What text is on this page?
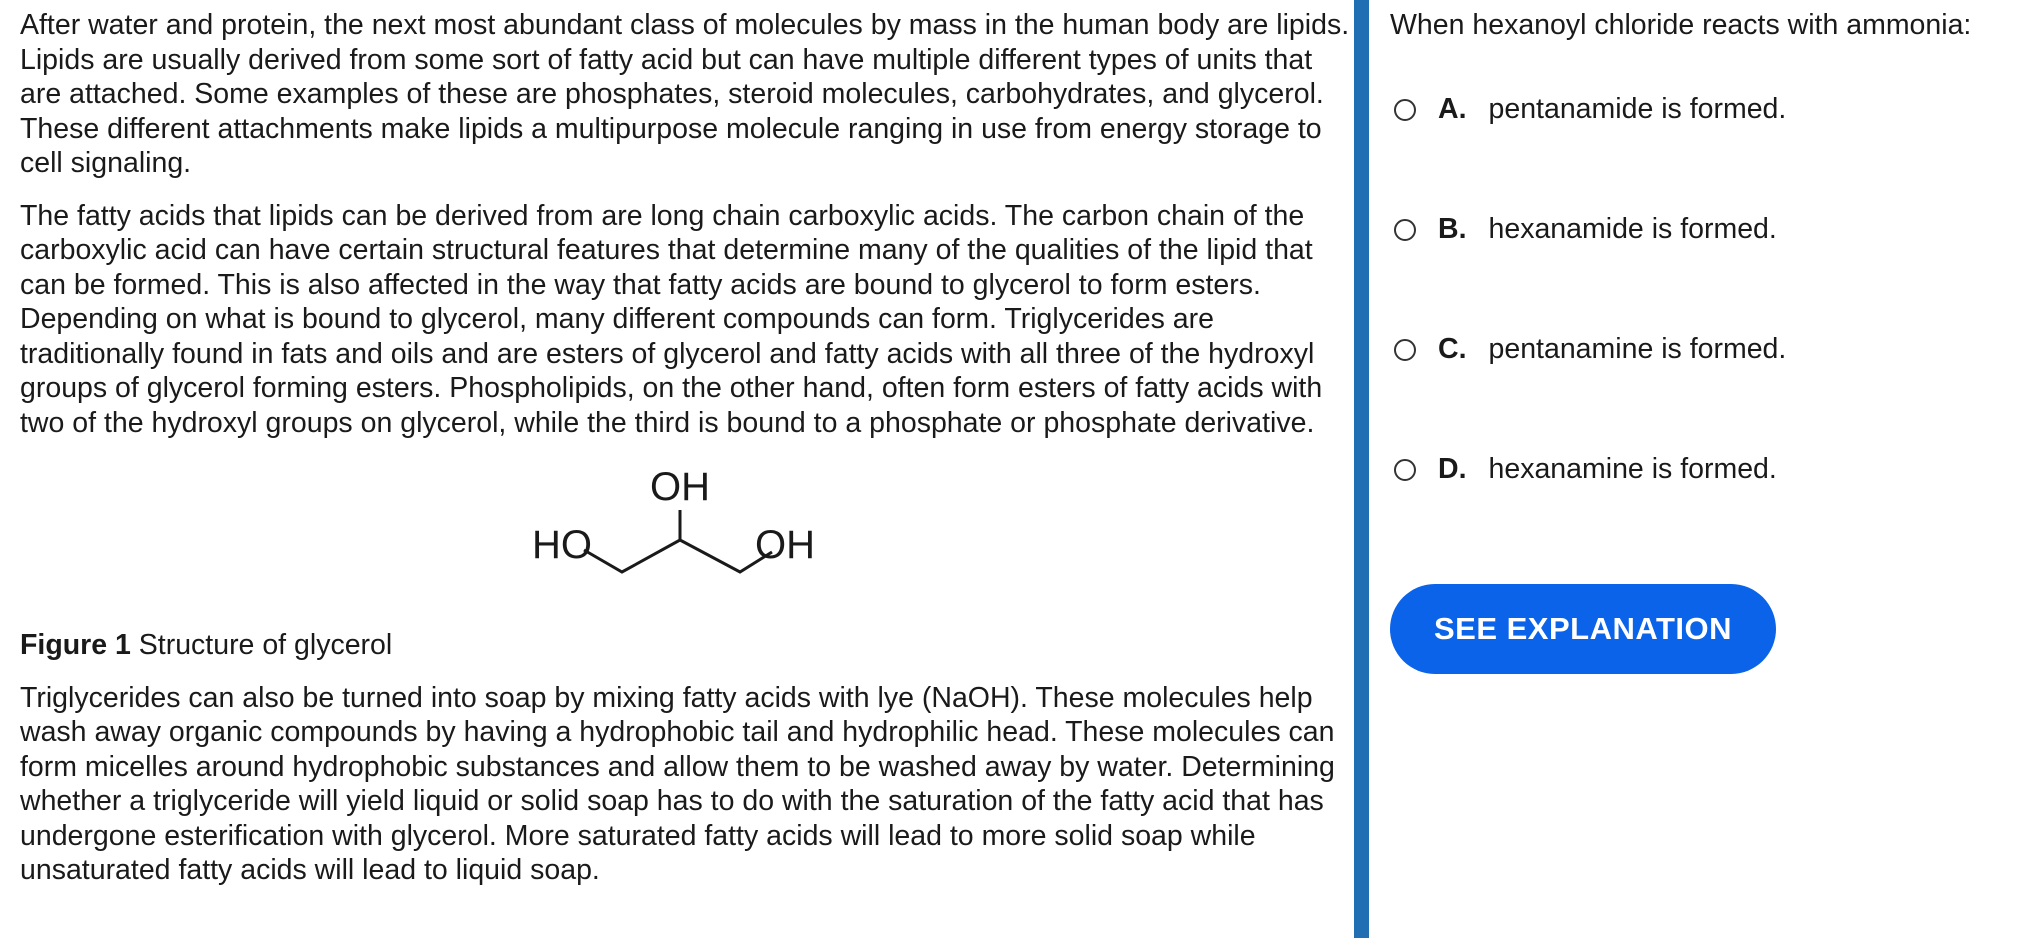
After water and protein, the next most abundant class of molecules by mass in the human body are lipids. Lipids are usually derived from some sort of fatty acid but can have multiple different types of units that are attached. Some examples of these are phosphates, steroid molecules, carbohydrates, and glycerol. These different attachments make lipids a multipurpose molecule ranging in use from energy storage to cell signaling.

The fatty acids that lipids can be derived from are long chain carboxylic acids. The carbon chain of the carboxylic acid can have certain structural features that determine many of the qualities of the lipid that can be formed. This is also affected in the way that fatty acids are bound to glycerol to form esters. Depending on what is bound to glycerol, many different compounds can form. Triglycerides are traditionally found in fats and oils and are esters of glycerol and fatty acids with all three of the hydroxyl groups of glycerol forming esters. Phospholipids, on the other hand, often form esters of fatty acids with two of the hydroxyl groups on glycerol, while the third is bound to a phosphate or phosphate derivative.

OH
HO	OH

Figure 1 Structure of glycerol

Triglycerides can also be turned into soap by mixing fatty acids with lye (NaOH). These molecules help wash away organic compounds by having a hydrophobic tail and hydrophilic head. These molecules can form micelles around hydrophobic substances and allow them to be washed away by water. Determining whether a triglyceride will yield liquid or solid soap has to do with the saturation of the fatty acid that has undergone esterification with glycerol. More saturated fatty acids will lead to more solid soap while unsaturated fatty acids will lead to liquid soap.

When hexanoyl chloride reacts with ammonia:
A. pentanamide is formed.
B. hexanamide is formed.
C. pentanamine is formed.
D. hexanamine is formed.
SEE EXPLANATION
